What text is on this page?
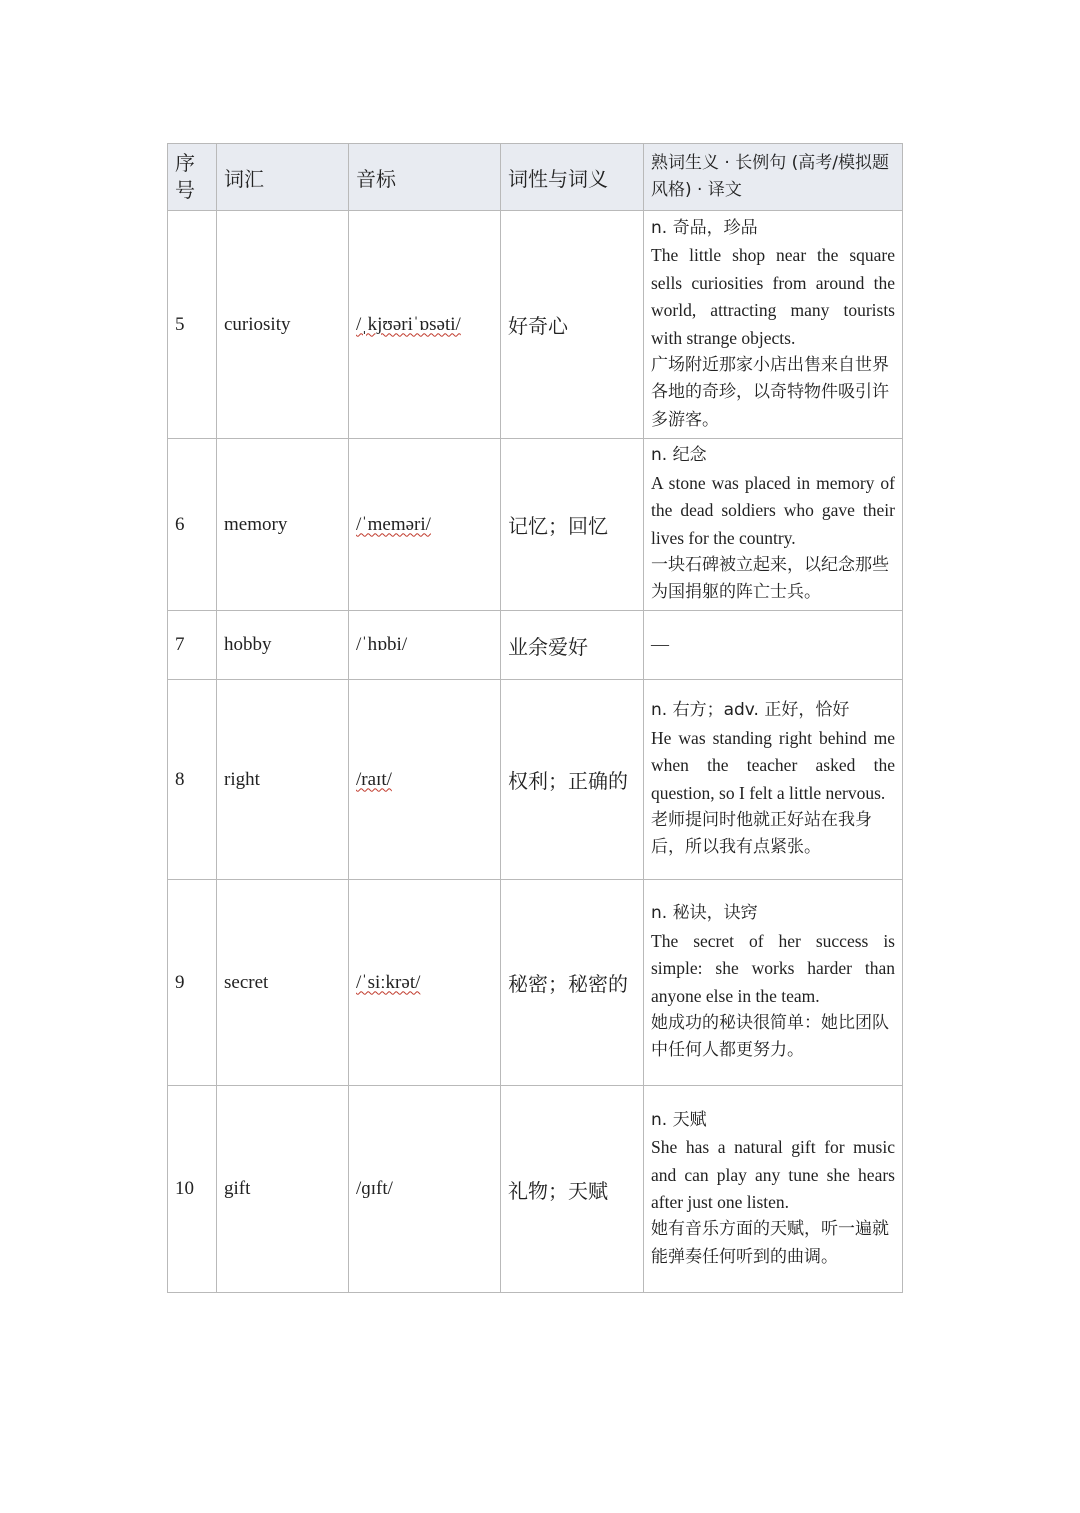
序号	词汇	音标	词性与词义	熟词生义 · 长例句 (高考/模拟题风格) · 译文
5	curiosity	/ˌkjʊəriˈɒsəti/	好奇心	n. 奇品，珍品
The little shop near the square sells curiosities from around the world, attracting many tourists with strange objects.
广场附近那家小店出售来自世界各地的奇珍，以奇特物件吸引许多游客。

6	memory	/ˈmeməri/	记忆；回忆	n. 纪念
A stone was placed in memory of the dead soldiers who gave their lives for the country.
一块石碑被立起来，以纪念那些为国捐躯的阵亡士兵。

7	hobby	/ˈhɒbi/	业余爱好	—
8	right	/raɪt/	权利；正确的	n. 右方；adv. 正好，恰好
He was standing right behind me when the teacher asked the question, so I felt a little nervous.
老师提问时他就正好站在我身后，所以我有点紧张。

9	secret	/ˈsiːkrət/	秘密；秘密的	n. 秘诀，诀窍
The secret of her success is simple: she works harder than anyone else in the team.
她成功的秘诀很简单：她比团队中任何人都更努力。

10	gift	/ɡɪft/	礼物；天赋	n. 天赋
She has a natural gift for music and can play any tune she hears after just one listen.
她有音乐方面的天赋，听一遍就能弹奏任何听到的曲调。
